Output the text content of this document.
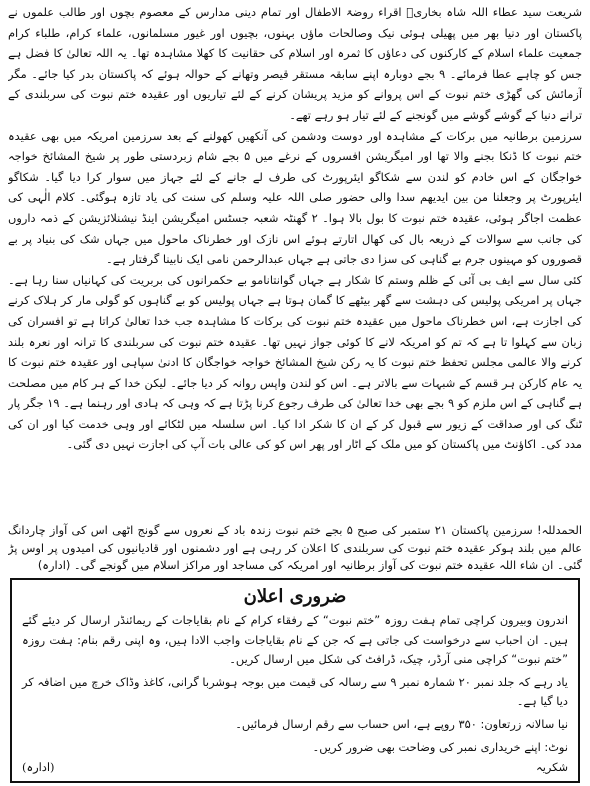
شریعت سید عطاء اللہ شاہ بخاریؒ اقراء روضۃ الاطفال اور تمام دینی مدارس کے معصوم بچوں اور طالب علموں نے پاکستان اور دنیا بھر میں پھیلی ہوئی نیک وصالحات ماؤں بہنوں، بچیوں اور غیور مسلمانوں، علماء کرام، طلباء کرام جمعیت علماء اسلام کے کارکنوں کی دعاؤں کا ثمرہ اور اسلام کی حقانیت کا کھلا مشاہدہ تھا۔ یہ اللہ تعالیٰ کا فضل ہے جس کو چاہے عطا فرمائے۔ ۹ بجے دوبارہ اپنے سابقہ مستقر قیصر وتھانے کے حوالہ ہوئے کہ پاکستان بدر کیا جائے۔ مگر آزمائش کی گھڑی ختم نبوت کے اس پروانے کو مزید پریشان کرنے کے لئے تیاریوں اور عقیدہ ختم نبوت کی سربلندی کے ترانے دنیا کے گوشے گوشے میں گونجنے کے لئے تیار ہو رہے تھے۔

سرزمین برطانیہ میں برکات کے مشاہدہ اور دوست ودشمن کی آنکھیں کھولنے کے بعد سرزمین امریکہ میں بھی عقیدہ ختم نبوت کا ڈنکا بجنے والا تھا اور امیگریشن افسروں کے نرغے میں ۵ بجے شام زبردستی طور پر شیخ المشائخ خواجہ خواجگان کے اس خادم کو لندن سے شکاگو ایئرپورٹ کی طرف لے جانے کے لئے جہاز میں سوار کرا دیا گیا۔ شکاگو ایئرپورٹ پر وجعلنا من بین ایدیھم سدا والی حضور صلی اللہ علیہ وسلم کی سنت کی یاد تازہ ہوگئی۔ کلام الٰہی کی عظمت اجاگر ہوئی، عقیدہ ختم نبوت کا بول بالا ہوا۔ ۲ گھنٹہ شعبہ جسٹس امیگریشن اینڈ نیشنلائزیشن کے ذمہ داروں کی جانب سے سوالات کے ذریعہ بال کی کھال اتارتے ہوئے اس نازک اور خطرناک ماحول میں جہاں شک کی بنیاد پر بے قصوروں کو مہینوں جرم بے گناہی کی سزا دی جاتی ہے جہاں عبدالرحمن نامی ایک نابینا گرفتار ہے۔

کئی سال سے ایف بی آئی کے ظلم وستم کا شکار ہے جہاں گوانتانامو بے حکمرانوں کی بربریت کی کہانیاں سنا رہا ہے۔ جہاں پر امریکی پولیس کی دہشت سے گھر بیٹھے کا گمان ہوتا ہے جہاں پولیس کو بے گناہوں کو گولی مار کر ہلاک کرنے کی اجازت ہے، اس خطرناک ماحول میں عقیدہ ختم نبوت کی برکات کا مشاہدہ جب خدا تعالیٰ کراتا ہے تو افسران کی زبان سے کہلوا تا ہے کہ تم کو امریکہ لانے کا کوئی جواز نہیں تھا۔ عقیدہ ختم نبوت کی سربلندی کا ترانہ اور نعرہ بلند کرنے والا عالمی مجلس تحفظ ختم نبوت کا یہ رکن شیخ المشائخ خواجہ خواجگان کا ادنیٰ سپاہی اور عقیدہ ختم نبوت کا یہ عام کارکن ہر قسم کے شبہات سے بالاتر ہے۔ اس کو لندن واپس روانہ کر دیا جائے۔ لیکن خدا کے ہر کام میں مصلحت ہے گناہی کے اس ملزم کو ۹ بجے بھی خدا تعالیٰ کی طرف رجوع کرنا پڑتا ہے کہ وہی کہ ہادی اور رہنما ہے۔ ۱۹ جگر پار ٹنگ کی اور صداقت کے زیور سے قبول کر کے ان کا شکر ادا کیا۔ اس سلسلہ میں لٹکائے اور وہی خدمت کیا اور ان کی مدد کی۔ اکاؤنٹ میں پاکستان کو میں ملک کے اٹار اور پھر اس کو کی عالی بات آپ کی اجازت نہیں دی گئی۔

الحمدللہ! سرزمین پاکستان ۲۱ ستمبر کی صبح ۵ بجے ختم نبوت زندہ باد کے نعروں سے گونج اٹھی اس کی آواز چاردانگ عالم میں بلند ہوکر عقیدہ ختم نبوت کی سربلندی کا اعلان کر رہی ہے اور دشمنوں اور قادیانیوں کی امیدوں پر اوس پڑ گئی۔ ان شاء اللہ عقیدہ ختم نبوت کی آواز برطانیہ اور امریکہ کی مساجد اور مراکز اسلام میں گونجے گی۔ (ادارہ)
ضروری اعلان

اندرون وبیرون کراچی تمام ہفت روزہ ”ختم نبوت“ کے رفقاء کرام کے نام بقایاجات کے ریمائنڈر ارسال کر دیئے گئے ہیں۔ ان احباب سے درخواست کی جاتی ہے کہ جن کے نام بقایاجات واجب الادا ہیں، وہ اپنی رقم بنام: ہفت روزہ ”ختم نبوت“ کراچی منی آرڈر، چیک، ڈرافٹ کی شکل میں ارسال کریں۔

یاد رہے کہ جلد نمبر ۲۰ شمارہ نمبر ۹ سے رسالہ کی قیمت میں بوجہ ہوشربا گرانی، کاغذ وڈاک خرچ میں اضافہ کر دیا گیا ہے۔

نیا سالانہ زرتعاون: ۳۵۰ روپے ہے، اس حساب سے رقم ارسال فرمائیں۔

نوٹ: اپنے خریداری نمبر کی وضاحت بھی ضرور کریں۔
شکریہ
(ادارہ)
